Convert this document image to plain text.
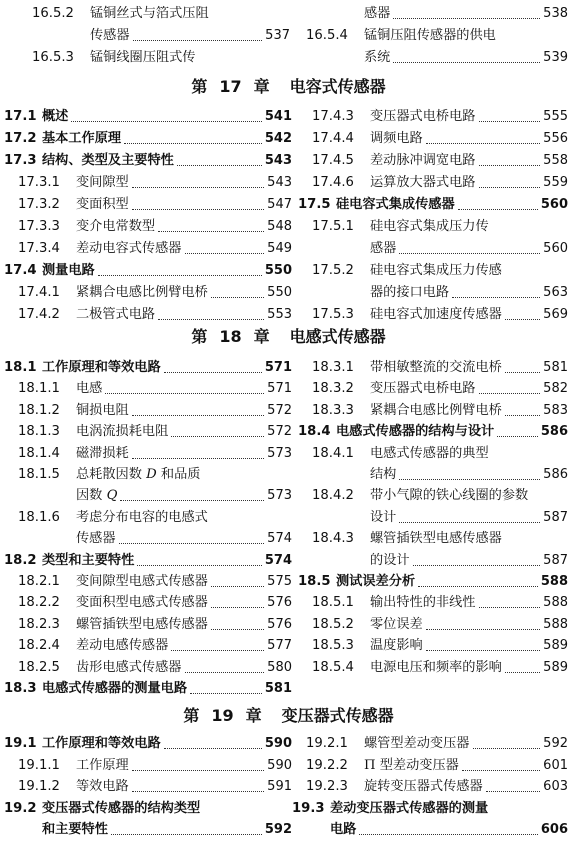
16.5.2	锰铜丝式与箔式压阻
传感器	537
16.5.3	锰铜线圈压阻式传
感器	538
16.5.4	锰铜压阻传感器的供电
系统	539
第 17 章 电容式传感器
17.1 概述	541
17.2 基本工作原理	542
17.3 结构、类型及主要特性	543
17.3.1	变间隙型	543
17.3.2	变面积型	547
17.3.3	变介电常数型	548
17.3.4	差动电容式传感器	549
17.4 测量电路	550
17.4.1	紧耦合电感比例臂电桥	550
17.4.2	二极管式电路	553
17.4.3	变压器式电桥电路	555
17.4.4	调频电路	556
17.4.5	差动脉冲调宽电路	558
17.4.6	运算放大器式电路	559
17.5 硅电容式集成传感器	560
17.5.1	硅电容式集成压力传
感器	560
17.5.2	硅电容式集成压力传感
器的接口电路	563
17.5.3	硅电容式加速度传感器	569
第 18 章 电感式传感器
18.1 工作原理和等效电路	571
18.1.1	电感	571
18.1.2	铜损电阻	572
18.1.3	电涡流损耗电阻	572
18.1.4	磁滞损耗	573
18.1.5	总耗散因数 D 和品质
因数 Q	573
18.1.6	考虑分布电容的电感式
传感器	574
18.2 类型和主要特性	574
18.2.1	变间隙型电感式传感器	575
18.2.2	变面积型电感式传感器	576
18.2.3	螺管插铁型电感传感器	576
18.2.4	差动电感传感器	577
18.2.5	齿形电感式传感器	580
18.3 电感式传感器的测量电路	581
18.3.1	带相敏整流的交流电桥	581
18.3.2	变压器式电桥电路	582
18.3.3	紧耦合电感比例臂电桥	583
18.4 电感式传感器的结构与设计	586
18.4.1	电感式传感器的典型
结构	586
18.4.2	带小气隙的铁心线圈的参数
设计	587
18.4.3	螺管插铁型电感传感器
的设计	587
18.5 测试误差分析	588
18.5.1	输出特性的非线性	588
18.5.2	零位误差	588
18.5.3	温度影响	589
18.5.4	电源电压和频率的影响	589
第 19 章 变压器式传感器
19.1 工作原理和等效电路	590
19.1.1	工作原理	590
19.1.2	等效电路	591
19.2 变压器式传感器的结构类型
和主要特性	592
19.2.1	螺管型差动变压器	592
19.2.2	Π 型差动变压器	601
19.2.3	旋转变压器式传感器	603
19.3 差动变压器式传感器的测量
电路	606
